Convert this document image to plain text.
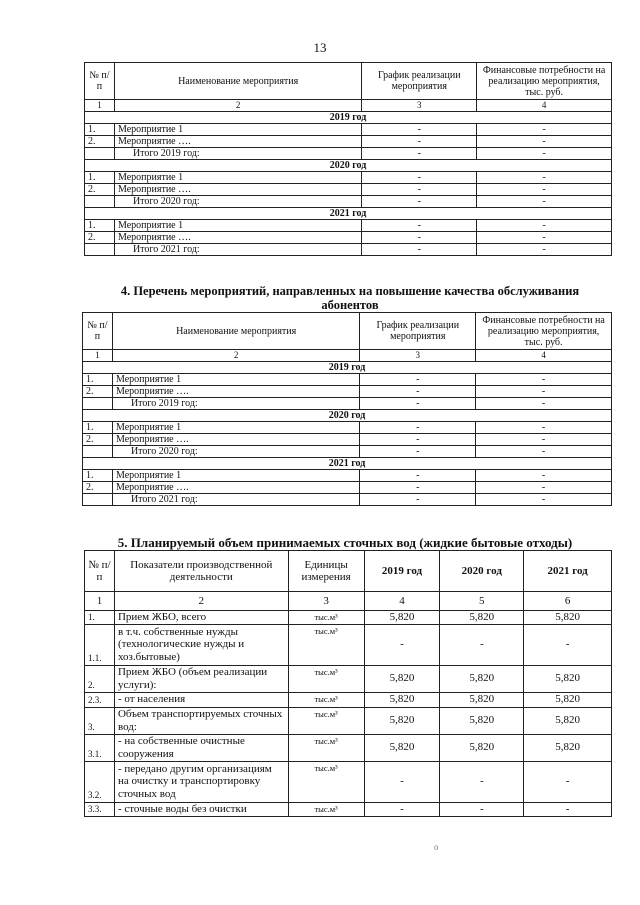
13
№ п/п	Наименование мероприятия	График реализации мероприятия	Финансовые потребности на реализацию мероприятия, тыс. руб.
1	2	3	4
2019 год			
1.	Мероприятие 1	-	-
2.	Мероприятие ….	-	-
	Итого 2019 год:	-	-
2020 год			
1.	Мероприятие 1	-	-
2.	Мероприятие ….	-	-
	Итого 2020 год:	-	-
2021 год			
1.	Мероприятие 1	-	-
2.	Мероприятие ….	-	-
	Итого 2021 год:	-	-
4. Перечень мероприятий, направленных на повышение качества обслуживания абонентов
№ п/п	Наименование мероприятия	График реализации мероприятия	Финансовые потребности на реализацию мероприятия, тыс. руб.
1	2	3	4
2019 год			
1.	Мероприятие 1	-	-
2.	Мероприятие ….	-	-
	Итого 2019 год:	-	-
2020 год			
1.	Мероприятие 1	-	-
2.	Мероприятие ….	-	-
	Итого 2020 год:	-	-
2021 год			
1.	Мероприятие 1	-	-
2.	Мероприятие ….	-	-
	Итого 2021 год:	-	-
5. Планируемый объем принимаемых сточных вод (жидкие бытовые отходы)
№ п/п	Показатели производственной деятельности	Единицы измерения	2019 год	2020 год	2021 год
1	2	3	4	5	6
1.	Прием ЖБО, всего	тыс.м³	5,820	5,820	5,820
1.1.	в т.ч. собственные нужды (технологические нужды и хоз.бытовые)	тыс.м³	-	-	-
2.	Прием ЖБО (объем реализации услуги):	тыс.м³	5,820	5,820	5,820
2.3.	- от населения	тыс.м³	5,820	5,820	5,820
3.	Объем транспортируемых сточных вод:	тыс.м³	5,820	5,820	5,820
3.1.	- на собственные очистные сооружения	тыс.м³	5,820	5,820	5,820
3.2.	- передано другим организациям на очистку и транспортировку сточных вод	тыс.м³	-	-	-
3.3.	- сточные воды без очистки	тыс.м³	-	-	-
o
